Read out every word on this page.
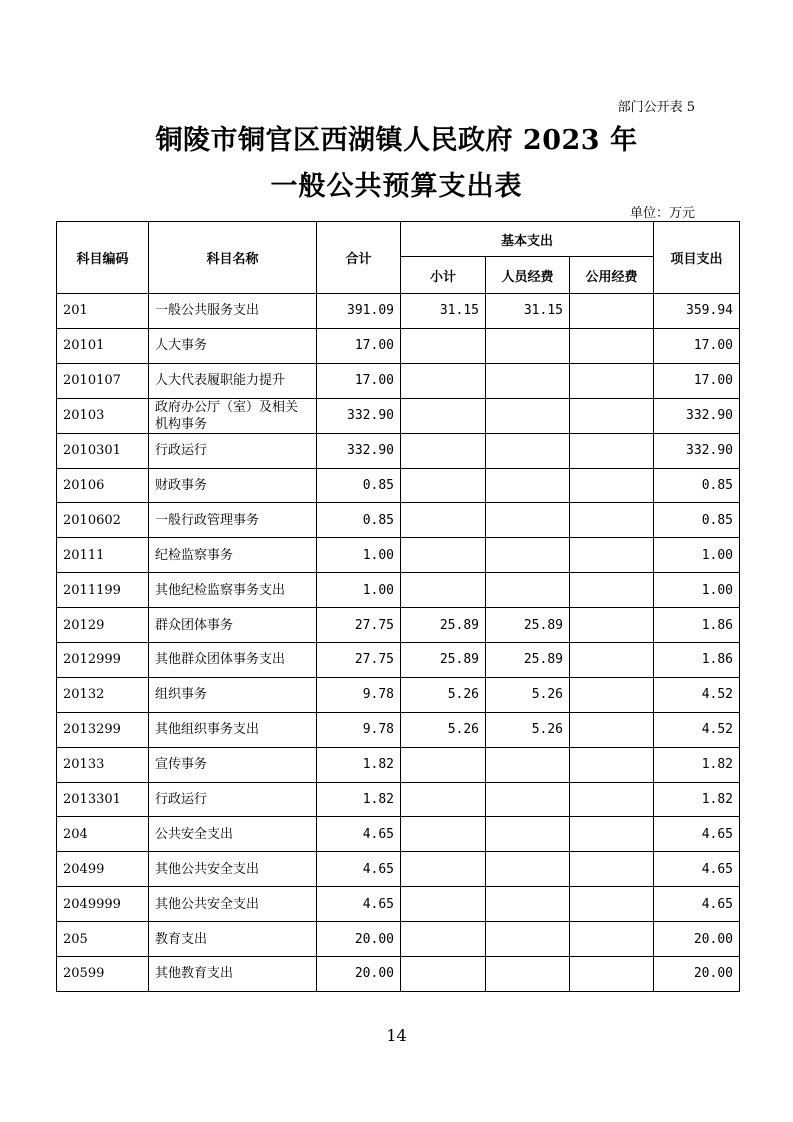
部门公开表 5
铜陵市铜官区西湖镇人民政府 2023 年
一般公共预算支出表
单位：万元
科目编码	科目名称	合计	基本支出			项目支出
			小计	人员经费	公用经费	
201	一般公共服务支出	391.09	31.15	31.15		359.94
20101	人大事务	17.00				17.00
2010107	人大代表履职能力提升	17.00				17.00
20103	政府办公厅（室）及相关机构事务	332.90				332.90
2010301	行政运行	332.90				332.90
20106	财政事务	0.85				0.85
2010602	一般行政管理事务	0.85				0.85
20111	纪检监察事务	1.00				1.00
2011199	其他纪检监察事务支出	1.00				1.00
20129	群众团体事务	27.75	25.89	25.89		1.86
2012999	其他群众团体事务支出	27.75	25.89	25.89		1.86
20132	组织事务	9.78	5.26	5.26		4.52
2013299	其他组织事务支出	9.78	5.26	5.26		4.52
20133	宣传事务	1.82				1.82
2013301	行政运行	1.82				1.82
204	公共安全支出	4.65				4.65
20499	其他公共安全支出	4.65				4.65
2049999	其他公共安全支出	4.65				4.65
205	教育支出	20.00				20.00
20599	其他教育支出	20.00				20.00
14
